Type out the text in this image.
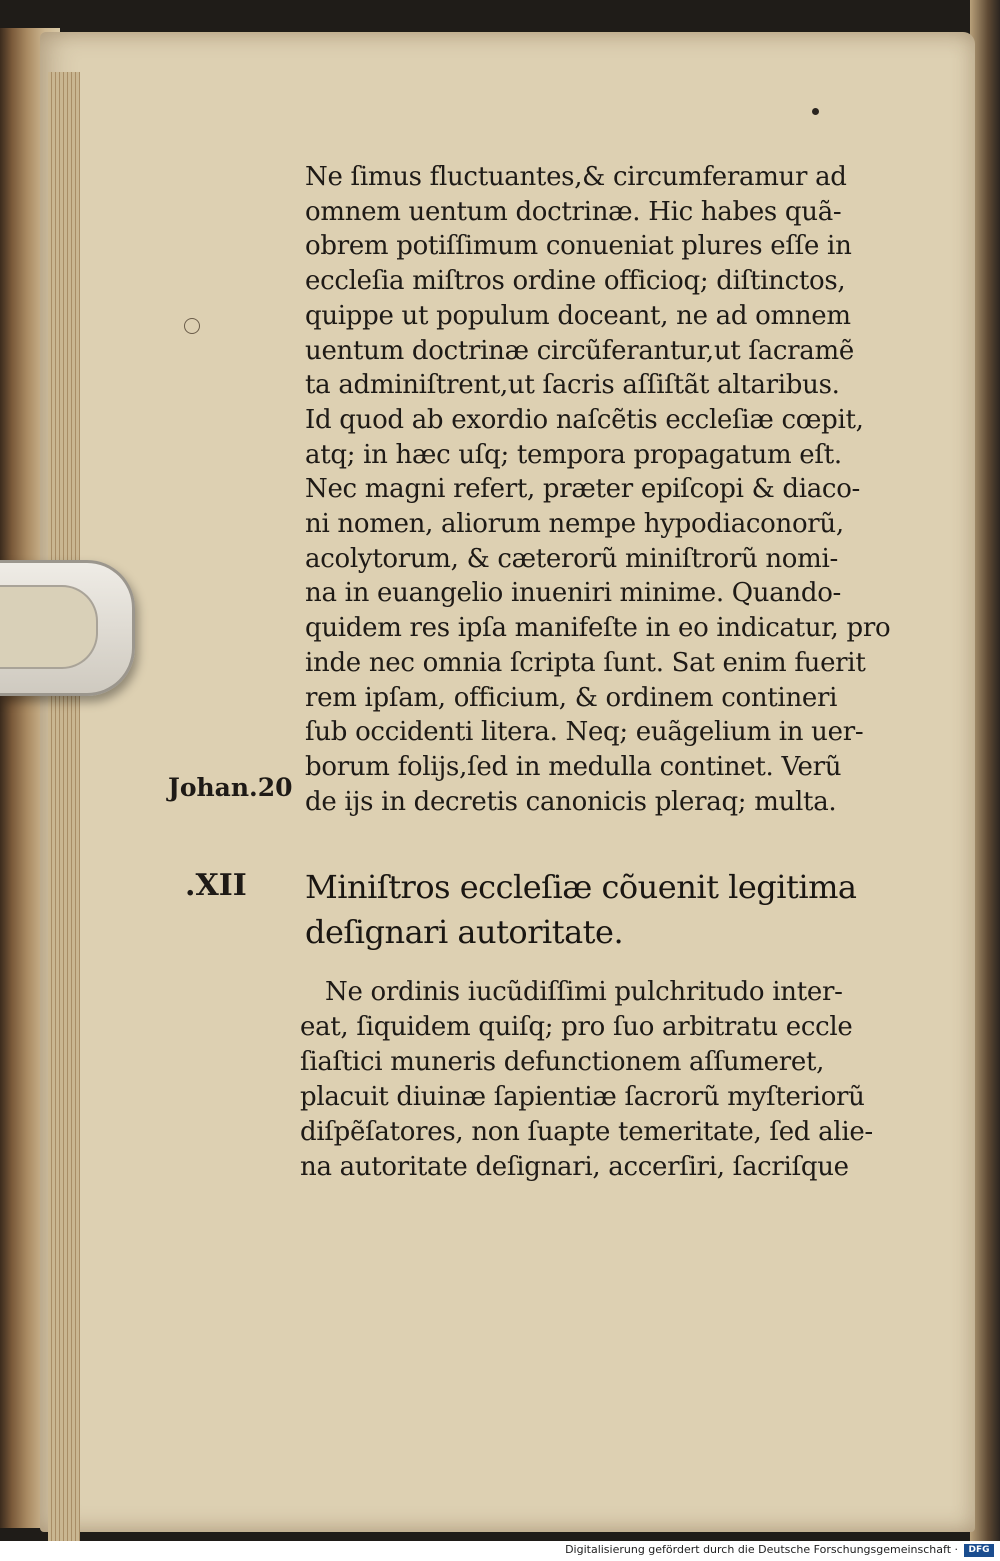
Ne ſimus fluctuantes,& circumferamur ad
omnem uentum doctrinæ. Hic habes quã-
obrem potiſſimum conueniat plures eſſe in
eccleſia miſtros ordine officioq; diſtinctos,
quippe ut populum doceant, ne ad omnem
uentum doctrinæ circũferantur,ut ſacramẽ
ta adminiſtrent,ut ſacris aſſiſtãt altaribus.
Id quod ab exordio naſcẽtis eccleſiæ cœpit,
atq; in hæc uſq; tempora propagatum eſt.
Nec magni refert, præter epiſcopi & diaco-
ni nomen, aliorum nempe hypodiaconorũ,
acolytorum, & cæterorũ miniſtrorũ nomi-
na in euangelio inueniri minime. Quando-
quidem res ipſa manifeſte in eo indicatur, pro
inde nec omnia ſcripta ſunt. Sat enim fuerit
rem ipſam, officium, & ordinem contineri
ſub occidenti litera. Neq; euãgelium in uer-
borum folijs,ſed in medulla continet. Verũ
de ijs in decretis canonicis pleraq; multa.
Johan.20
.XII Miniſtros eccleſiæ cõuenit legitima
deſignari autoritate.
Ne ordinis iucũdiſſimi pulchritudo inter-
eat, ſiquidem quiſq; pro ſuo arbitratu eccle
ſiaſtici muneris defunctionem aſſumeret,
placuit diuinæ ſapientiæ ſacrorũ myſteriorũ
diſpẽſatores, non ſuapte temeritate, ſed alie-
na autoritate deſignari, accerſiri, ſacriſque
Digitalisierung gefördert durch die Deutsche Forschungsgemeinschaft ·	DFG
